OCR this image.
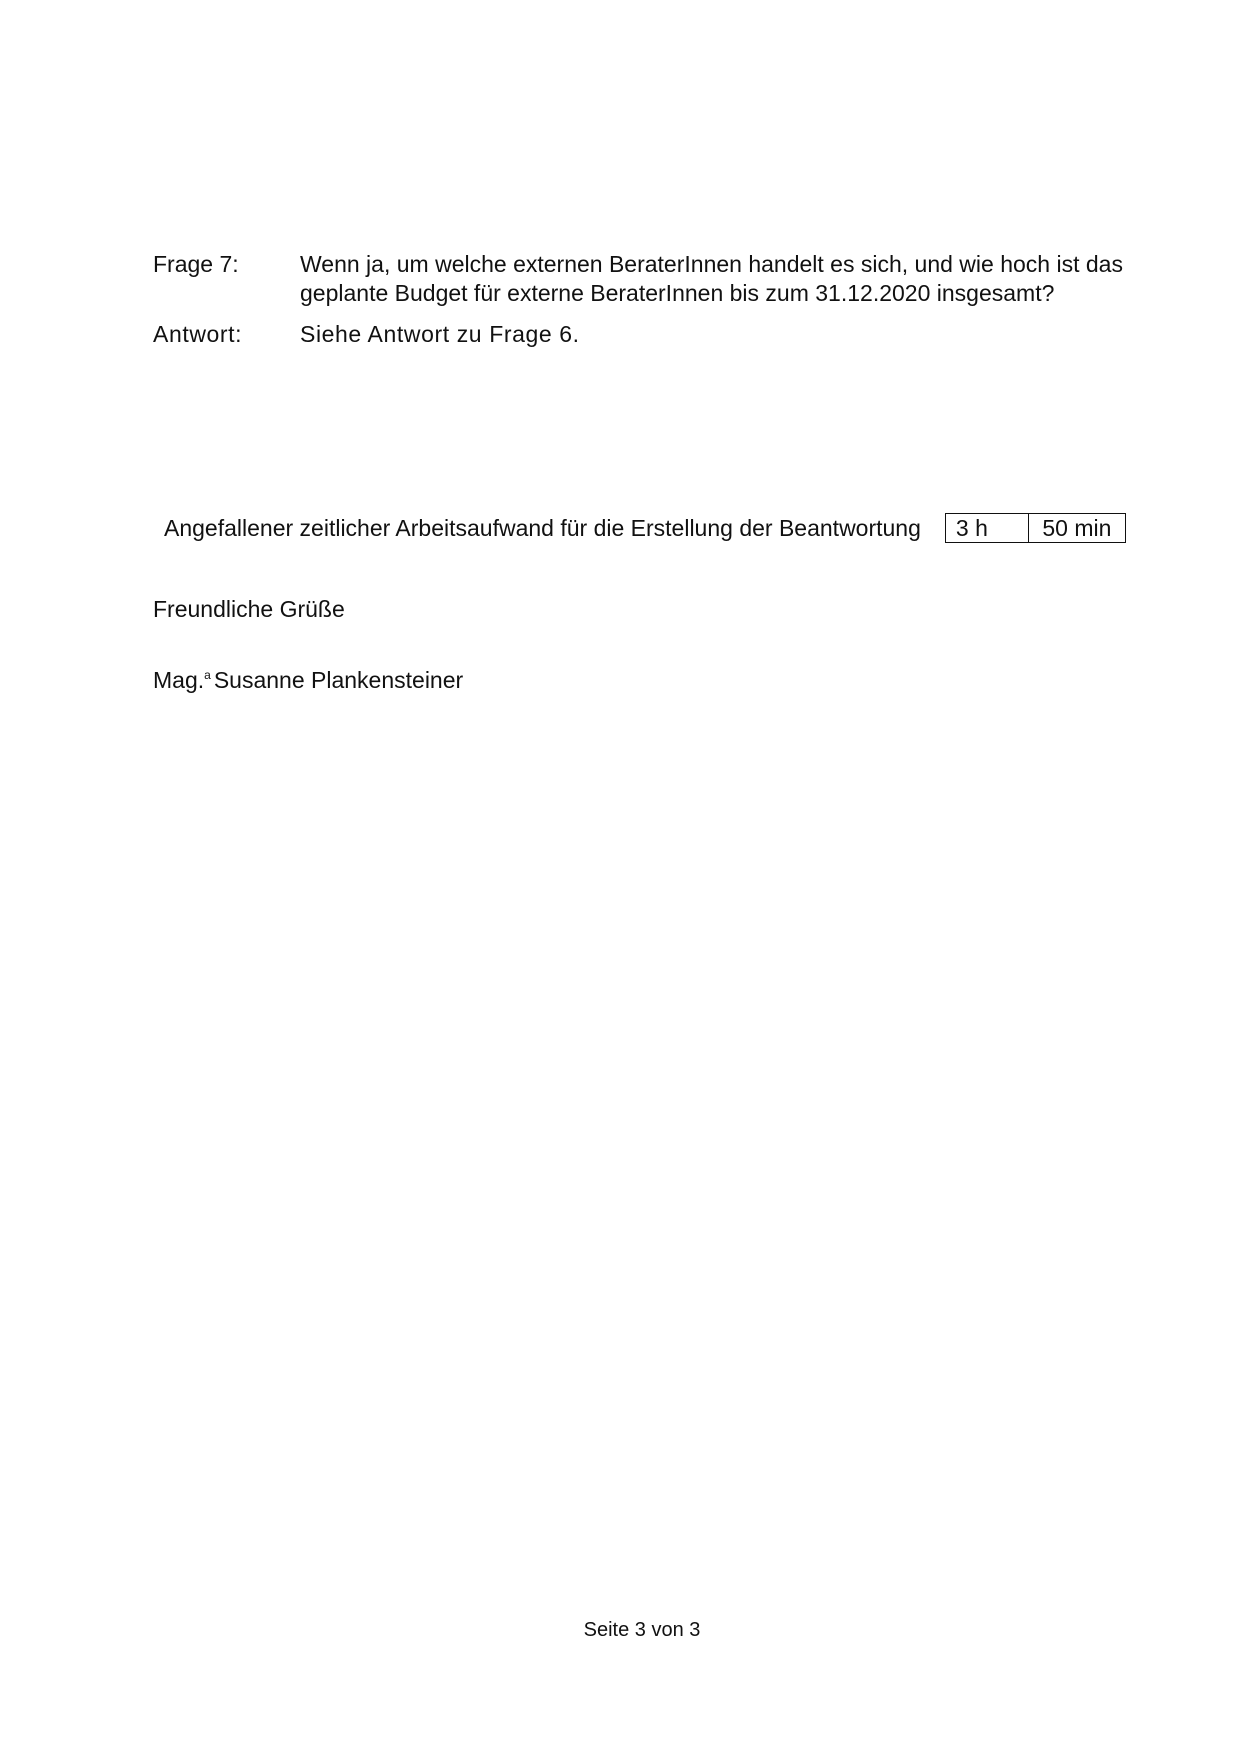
Frage 7:	Wenn ja, um welche externen BeraterInnen handelt es sich, und wie hoch ist das geplante Budget für externe BeraterInnen bis zum 31.12.2020 insgesamt?
Antwort:	Siehe Antwort zu Frage 6.
Angefallener zeitlicher Arbeitsaufwand für die Erstellung der Beantwortung	3 h	50 min
Freundliche Grüße
Mag.$^a$ Susanne Plankensteiner
Seite 3 von 3
